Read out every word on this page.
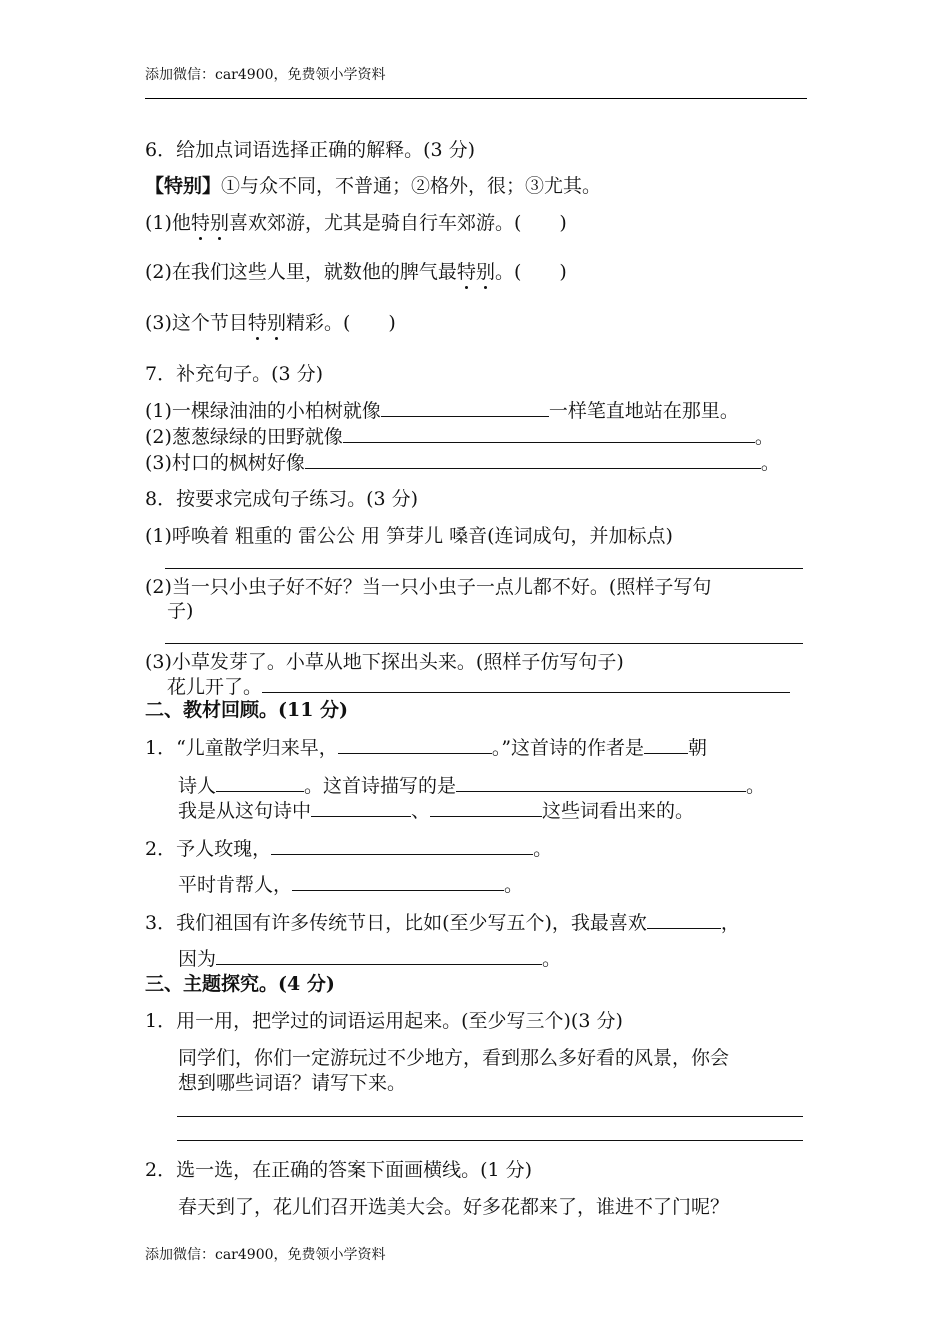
添加微信：car4900，免费领小学资料
6．给加点词语选择正确的解释。(3 分)
【特别】①与众不同，不普通；②格外，很；③尤其。
(1)他特别喜欢郊游，尤其是骑自行车郊游。(　　)
(2)在我们这些人里，就数他的脾气最特别。(　　)
(3)这个节目特别精彩。(　　)
7．补充句子。(3 分)
(1)一棵绿油油的小柏树就像	一样笔直地站在那里。
(2)葱葱绿绿的田野就像	。
(3)村口的枫树好像	。
8．按要求完成句子练习。(3 分)
(1)呼唤着 粗重的 雷公公 用 笋芽儿 嗓音(连词成句，并加标点)
(2)当一只小虫子好不好？当一只小虫子一点儿都不好。(照样子写句
子)
(3)小草发芽了。小草从地下探出头来。(照样子仿写句子)
花儿开了。
二、教材回顾。(11 分)
1．“儿童散学归来早，	。”这首诗的作者是 朝
诗人	。这首诗描写的是	。
我是从这句诗中	、	这些词看出来的。
2．予人玫瑰，	。
平时肯帮人，	。
3．我们祖国有许多传统节日，比如(至少写五个)，我最喜欢	，
因为	。
三、主题探究。(4 分)
1．用一用，把学过的词语运用起来。(至少写三个)(3 分)
同学们，你们一定游玩过不少地方，看到那么多好看的风景，你会
想到哪些词语？请写下来。
2．选一选，在正确的答案下面画横线。(1 分)
春天到了，花儿们召开选美大会。好多花都来了，谁进不了门呢？
添加微信：car4900，免费领小学资料
